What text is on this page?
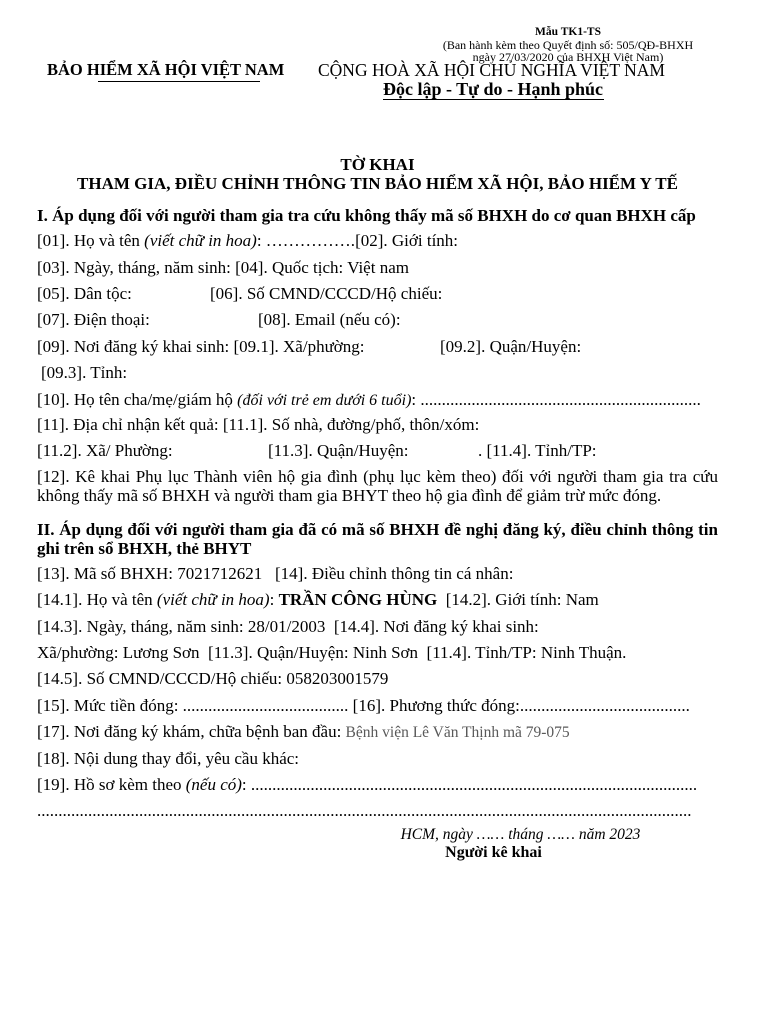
Mẫu TK1-TS
(Ban hành kèm theo Quyết định số: 505/QĐ-BHXH
ngày 27/03/2020 của BHXH Việt Nam)
BẢO HIỂM XÃ HỘI VIỆT NAM CỘNG HOÀ XÃ HỘI CHỦ NGHĨA VIỆT NAM
Độc lập - Tự do - Hạnh phúc
TỜ KHAI
THAM GIA, ĐIỀU CHỈNH THÔNG TIN BẢO HIỂM XÃ HỘI, BẢO HIỂM Y TẾ
I. Áp dụng đối với người tham gia tra cứu không thấy mã số BHXH do cơ quan BHXH cấp
[01]. Họ và tên (viết chữ in hoa): …………….[02]. Giới tính:
[03]. Ngày, tháng, năm sinh: [04]. Quốc tịch: Việt nam
[05]. Dân tộc:	[06]. Số CMND/CCCD/Hộ chiếu:
[07]. Điện thoại:	[08]. Email (nếu có):
[09]. Nơi đăng ký khai sinh: [09.1]. Xã/phường:	[09.2]. Quận/Huyện:
[09.3]. Tỉnh:
[10]. Họ tên cha/mẹ/giám hộ (đối với trẻ em dưới 6 tuổi): ..................................................................
[11]. Địa chỉ nhận kết quả: [11.1]. Số nhà, đường/phố, thôn/xóm:
[11.2]. Xã/ Phường:	[11.3]. Quận/Huyện:	. [11.4]. Tỉnh/TP:
[12]. Kê khai Phụ lục Thành viên hộ gia đình (phụ lục kèm theo) đối với người tham gia tra cứu không thấy mã số BHXH và người tham gia BHYT theo hộ gia đình để giảm trừ mức đóng.
II. Áp dụng đối với người tham gia đã có mã số BHXH đề nghị đăng ký, điều chỉnh thông tin ghi trên sổ BHXH, thẻ BHYT
[13]. Mã số BHXH: 7021712621   [14]. Điều chỉnh thông tin cá nhân:
[14.1]. Họ và tên (viết chữ in hoa): TRẦN CÔNG HÙNG  [14.2]. Giới tính: Nam
[14.3]. Ngày, tháng, năm sinh: 28/01/2003  [14.4]. Nơi đăng ký khai sinh:
Xã/phường: Lương Sơn  [11.3]. Quận/Huyện: Ninh Sơn  [11.4]. Tỉnh/TP: Ninh Thuận.
[14.5]. Số CMND/CCCD/Hộ chiếu: 058203001579
[15]. Mức tiền đóng: ....................................... [16]. Phương thức đóng:........................................
[17]. Nơi đăng ký khám, chữa bệnh ban đầu: Bệnh viện Lê Văn Thịnh mã 79-075
[18]. Nội dung thay đổi, yêu cầu khác:
[19]. Hồ sơ kèm theo (nếu có): .........................................................................................................
..........................................................................................................................................................
HCM, ngày …… tháng …… năm 2023
Người kê khai
